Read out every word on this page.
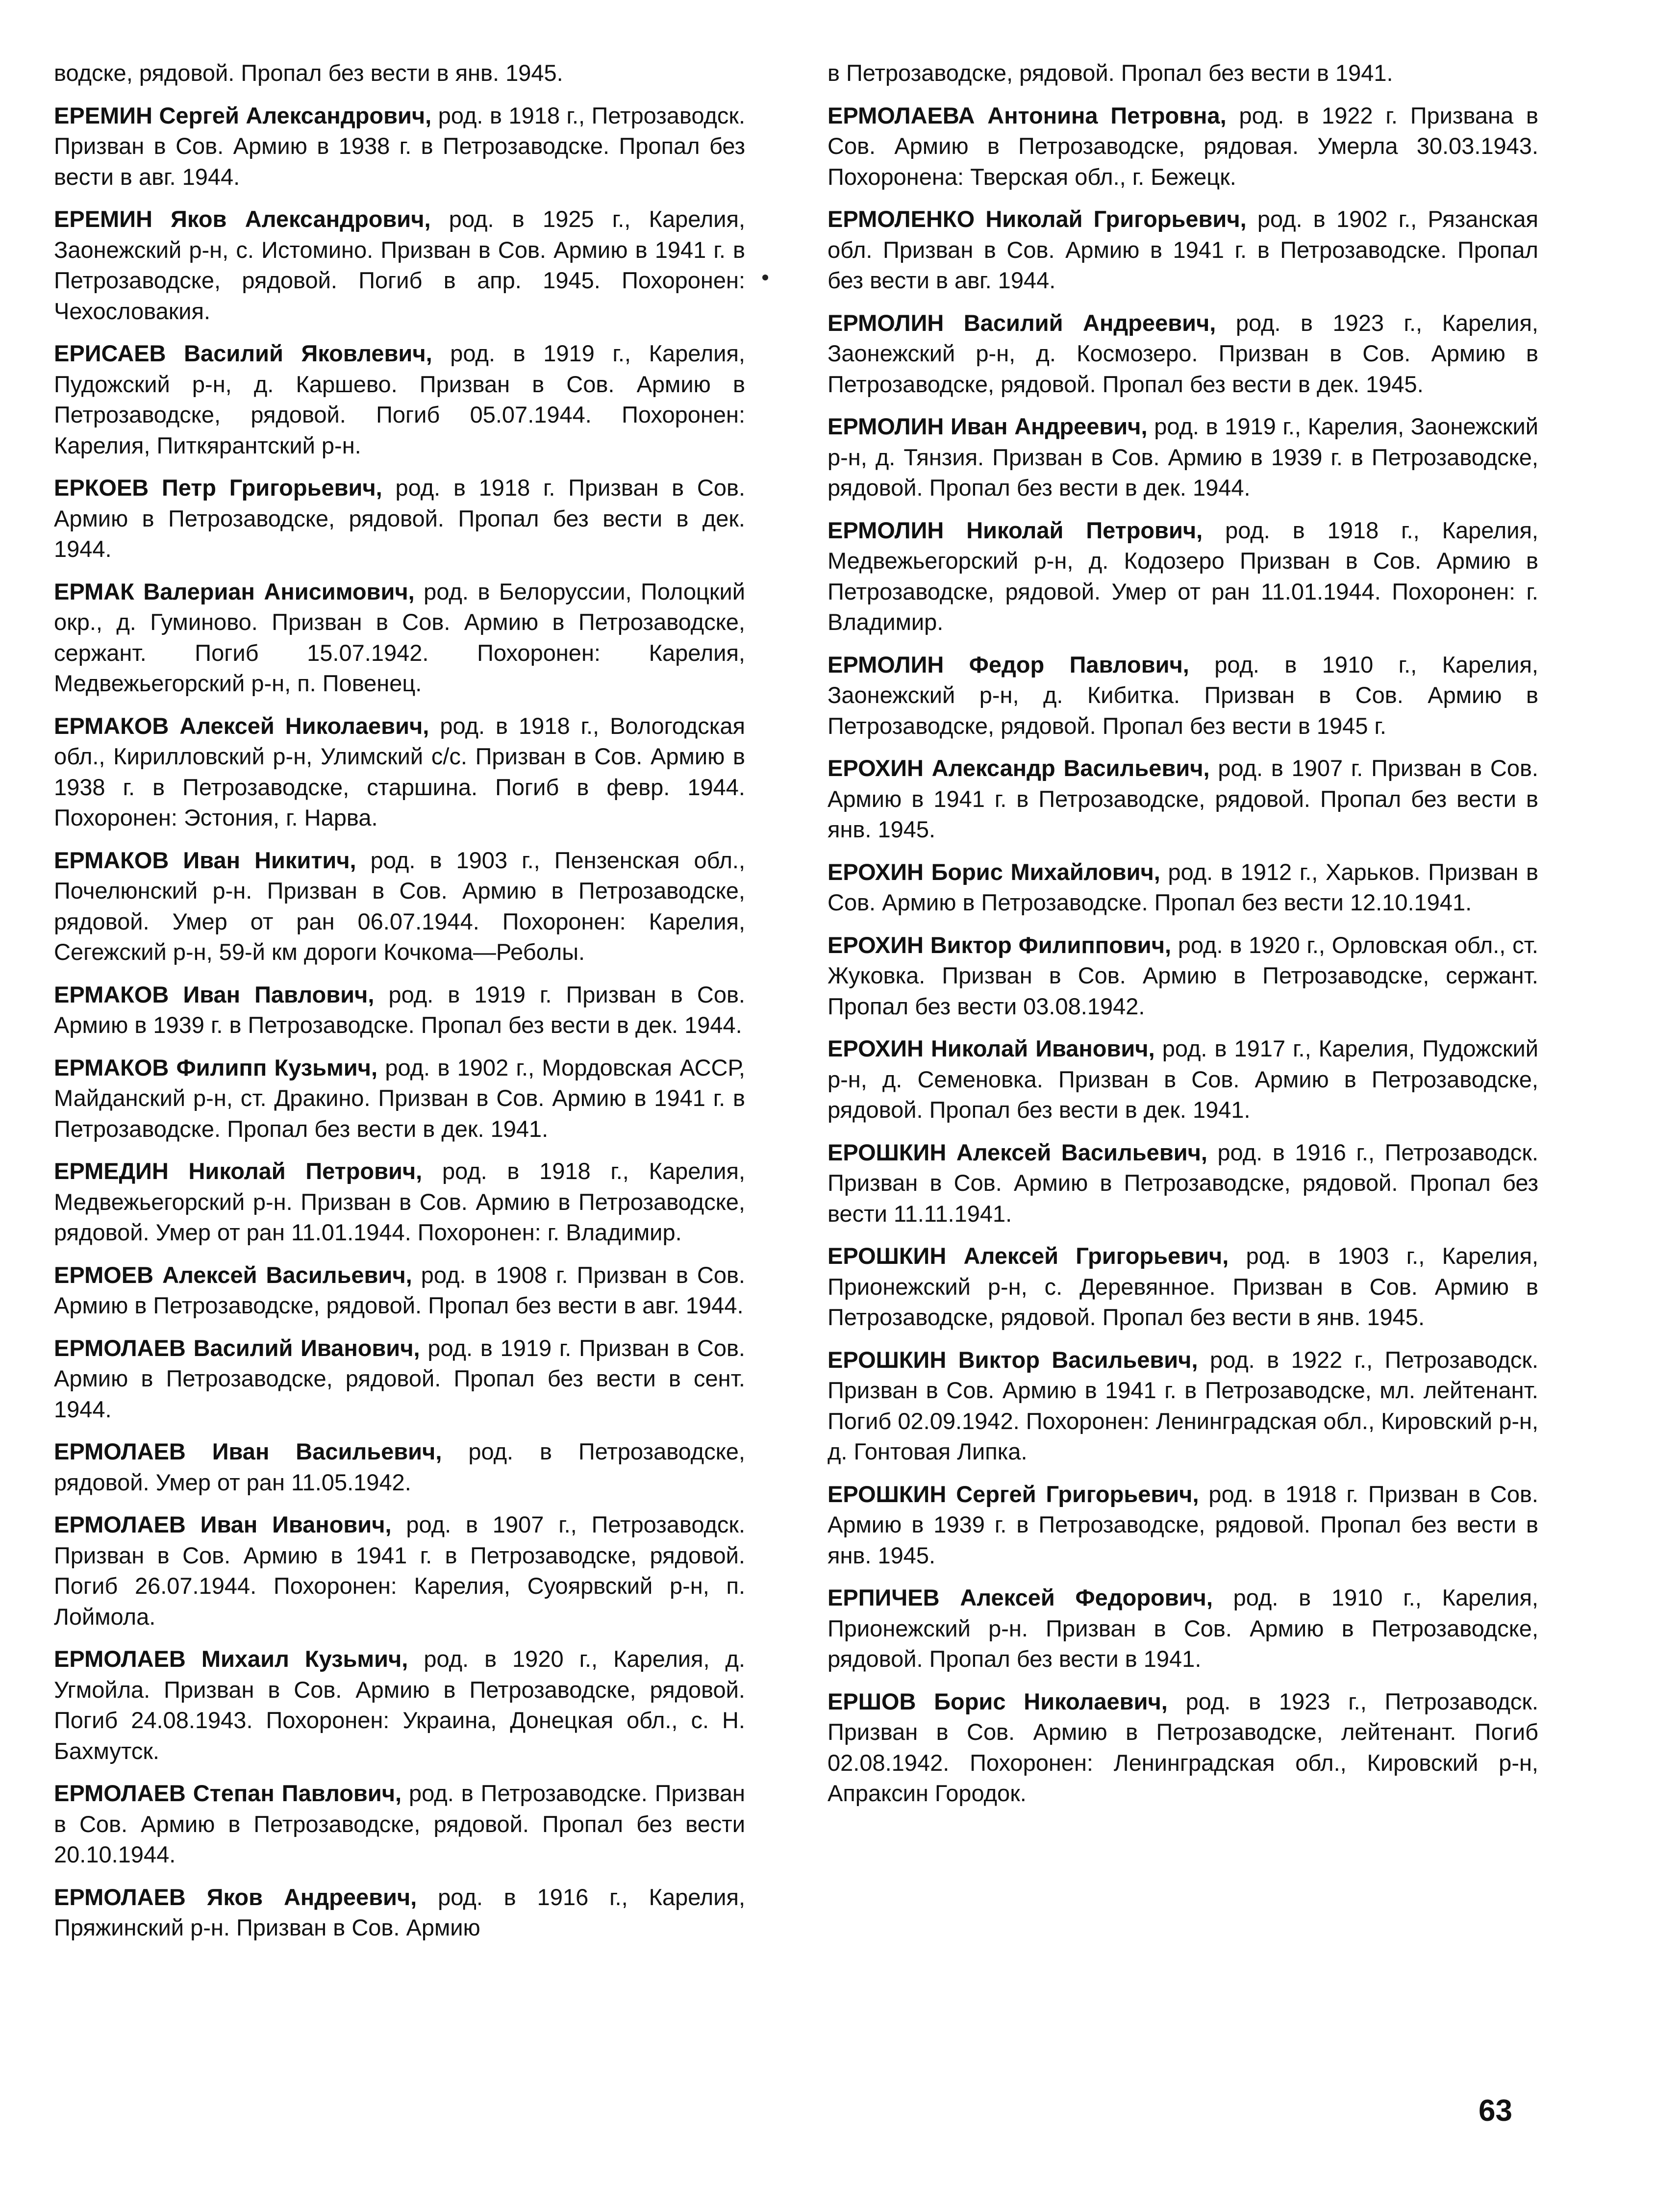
водске, рядовой. Пропал без вести в янв. 1945.

ЕРЕМИН Сергей Александрович, род. в 1918 г., Петрозаводск. Призван в Сов. Армию в 1938 г. в Петрозаводске. Пропал без вести в авг. 1944.

ЕРЕМИН Яков Александрович, род. в 1925 г., Карелия, Заонежский р-н, с. Истомино. Призван в Сов. Армию в 1941 г. в Петрозаводске, рядовой. Погиб в апр. 1945. Похоронен: Чехословакия.

ЕРИСАЕВ Василий Яковлевич, род. в 1919 г., Карелия, Пудожский р-н, д. Каршево. Призван в Сов. Армию в Петрозаводске, рядовой. Погиб 05.07.1944. Похоронен: Карелия, Питкярантский р-н.

ЕРКОЕВ Петр Григорьевич, род. в 1918 г. Призван в Сов. Армию в Петрозаводске, рядовой. Пропал без вести в дек. 1944.

ЕРМАК Валериан Анисимович, род. в Белоруссии, Полоцкий окр., д. Гуминово. Призван в Сов. Армию в Петрозаводске, сержант. Погиб 15.07.1942. Похоронен: Карелия, Медвежьегорский р-н, п. Повенец.

ЕРМАКОВ Алексей Николаевич, род. в 1918 г., Вологодская обл., Кирилловский р-н, Улимский с/с. Призван в Сов. Армию в 1938 г. в Петрозаводске, старшина. Погиб в февр. 1944. Похоронен: Эстония, г. Нарва.

ЕРМАКОВ Иван Никитич, род. в 1903 г., Пензенская обл., Почелюнский р-н. Призван в Сов. Армию в Петрозаводске, рядовой. Умер от ран 06.07.1944. Похоронен: Карелия, Сегежский р-н, 59-й км дороги Кочкома—Реболы.

ЕРМАКОВ Иван Павлович, род. в 1919 г. Призван в Сов. Армию в 1939 г. в Петрозаводске. Пропал без вести в дек. 1944.

ЕРМАКОВ Филипп Кузьмич, род. в 1902 г., Мордовская АССР, Майданский р-н, ст. Дракино. Призван в Сов. Армию в 1941 г. в Петрозаводске. Пропал без вести в дек. 1941.

ЕРМЕДИН Николай Петрович, род. в 1918 г., Карелия, Медвежьегорский р-н. Призван в Сов. Армию в Петрозаводске, рядовой. Умер от ран 11.01.1944. Похоронен: г. Владимир.

ЕРМОЕВ Алексей Васильевич, род. в 1908 г. Призван в Сов. Армию в Петрозаводске, рядовой. Пропал без вести в авг. 1944.

ЕРМОЛАЕВ Василий Иванович, род. в 1919 г. Призван в Сов. Армию в Петрозаводске, рядовой. Пропал без вести в сент. 1944.

ЕРМОЛАЕВ Иван Васильевич, род. в Петрозаводске, рядовой. Умер от ран 11.05.1942.

ЕРМОЛАЕВ Иван Иванович, род. в 1907 г., Петрозаводск. Призван в Сов. Армию в 1941 г. в Петрозаводске, рядовой. Погиб 26.07.1944. Похоронен: Карелия, Суоярвский р-н, п. Лоймола.

ЕРМОЛАЕВ Михаил Кузьмич, род. в 1920 г., Карелия, д. Угмойла. Призван в Сов. Армию в Петрозаводске, рядовой. Погиб 24.08.1943. Похоронен: Украина, Донецкая обл., с. Н. Бахмутск.

ЕРМОЛАЕВ Степан Павлович, род. в Петрозаводске. Призван в Сов. Армию в Петрозаводске, рядовой. Пропал без вести 20.10.1944.

ЕРМОЛАЕВ Яков Андреевич, род. в 1916 г., Карелия, Пряжинский р-н. Призван в Сов. Армию

в Петрозаводске, рядовой. Пропал без вести в 1941.

ЕРМОЛАЕВА Антонина Петровна, род. в 1922 г. Призвана в Сов. Армию в Петрозаводске, рядовая. Умерла 30.03.1943. Похоронена: Тверская обл., г. Бежецк.

ЕРМОЛЕНКО Николай Григорьевич, род. в 1902 г., Рязанская обл. Призван в Сов. Армию в 1941 г. в Петрозаводске. Пропал без вести в авг. 1944.

ЕРМОЛИН Василий Андреевич, род. в 1923 г., Карелия, Заонежский р-н, д. Космозеро. Призван в Сов. Армию в Петрозаводске, рядовой. Пропал без вести в дек. 1945.

ЕРМОЛИН Иван Андреевич, род. в 1919 г., Карелия, Заонежский р-н, д. Тянзия. Призван в Сов. Армию в 1939 г. в Петрозаводске, рядовой. Пропал без вести в дек. 1944.

ЕРМОЛИН Николай Петрович, род. в 1918 г., Карелия, Медвежьегорский р-н, д. Кодозеро Призван в Сов. Армию в Петрозаводске, рядовой. Умер от ран 11.01.1944. Похоронен: г. Владимир.

ЕРМОЛИН Федор Павлович, род. в 1910 г., Карелия, Заонежский р-н, д. Кибитка. Призван в Сов. Армию в Петрозаводске, рядовой. Пропал без вести в 1945 г.

ЕРОХИН Александр Васильевич, род. в 1907 г. Призван в Сов. Армию в 1941 г. в Петрозаводске, рядовой. Пропал без вести в янв. 1945.

ЕРОХИН Борис Михайлович, род. в 1912 г., Харьков. Призван в Сов. Армию в Петрозаводске. Пропал без вести 12.10.1941.

ЕРОХИН Виктор Филиппович, род. в 1920 г., Орловская обл., ст. Жуковка. Призван в Сов. Армию в Петрозаводске, сержант. Пропал без вести 03.08.1942.

ЕРОХИН Николай Иванович, род. в 1917 г., Карелия, Пудожский р-н, д. Семеновка. Призван в Сов. Армию в Петрозаводске, рядовой. Пропал без вести в дек. 1941.

ЕРОШКИН Алексей Васильевич, род. в 1916 г., Петрозаводск. Призван в Сов. Армию в Петрозаводске, рядовой. Пропал без вести 11.11.1941.

ЕРОШКИН Алексей Григорьевич, род. в 1903 г., Карелия, Прионежский р-н, с. Деревянное. Призван в Сов. Армию в Петрозаводске, рядовой. Пропал без вести в янв. 1945.

ЕРОШКИН Виктор Васильевич, род. в 1922 г., Петрозаводск. Призван в Сов. Армию в 1941 г. в Петрозаводске, мл. лейтенант. Погиб 02.09.1942. Похоронен: Ленинградская обл., Кировский р-н, д. Гонтовая Липка.

ЕРОШКИН Сергей Григорьевич, род. в 1918 г. Призван в Сов. Армию в 1939 г. в Петрозаводске, рядовой. Пропал без вести в янв. 1945.

ЕРПИЧЕВ Алексей Федорович, род. в 1910 г., Карелия, Прионежский р-н. Призван в Сов. Армию в Петрозаводске, рядовой. Пропал без вести в 1941.

ЕРШОВ Борис Николаевич, род. в 1923 г., Петрозаводск. Призван в Сов. Армию в Петрозаводске, лейтенант. Погиб 02.08.1942. Похоронен: Ленинградская обл., Кировский р-н, Апраксин Городок.

63
